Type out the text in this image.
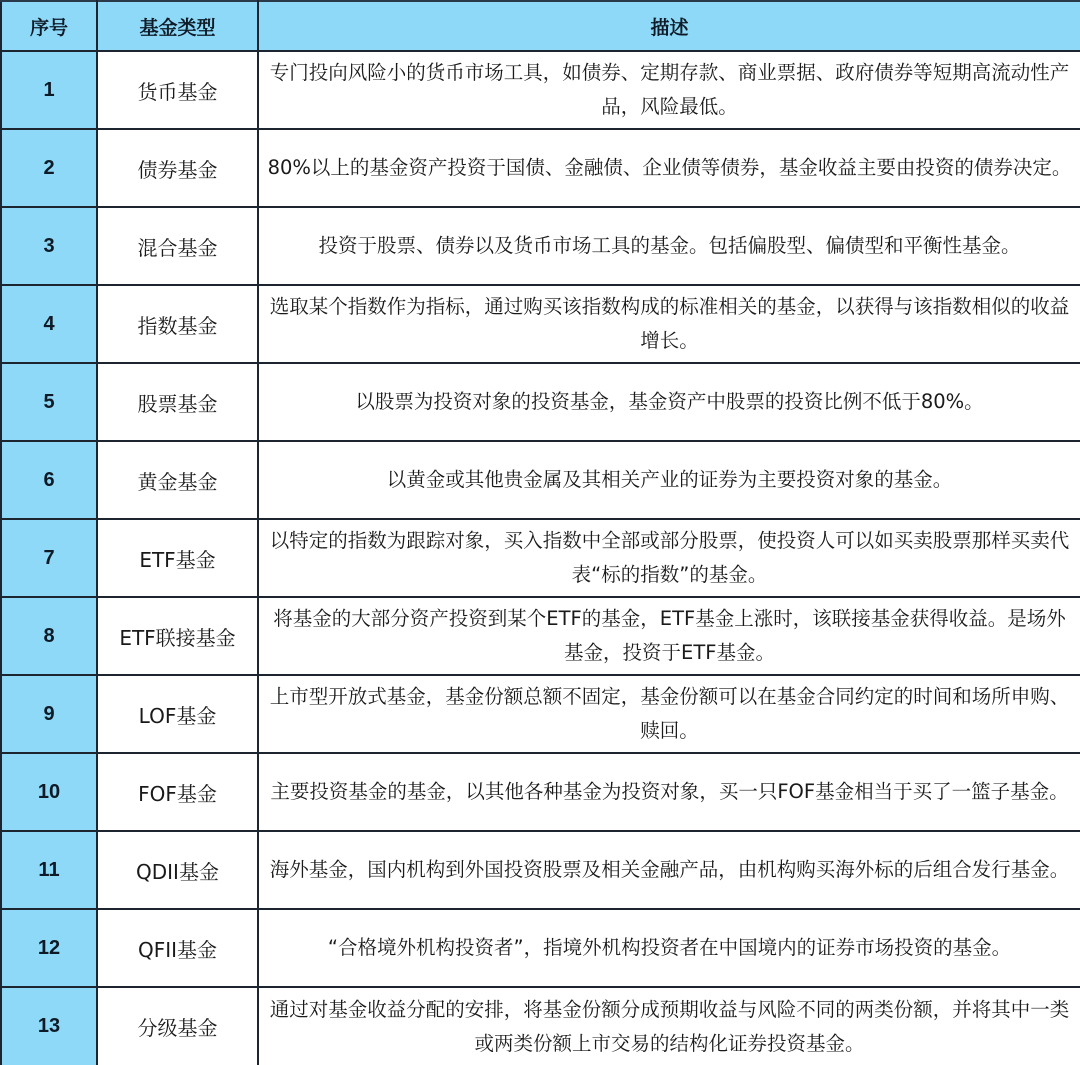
序号	基金类型	描述
1	货币基金	专门投向风险小的货币市场工具，如债券、定期存款、商业票据、政府债券等短期高流动性产品，风险最低。
2	债券基金	80%以上的基金资产投资于国债、金融债、企业债等债券，基金收益主要由投资的债券决定。
3	混合基金	投资于股票、债券以及货币市场工具的基金。包括偏股型、偏债型和平衡性基金。
4	指数基金	选取某个指数作为指标，通过购买该指数构成的标准相关的基金，以获得与该指数相似的收益增长。
5	股票基金	以股票为投资对象的投资基金，基金资产中股票的投资比例不低于80%。
6	黄金基金	以黄金或其他贵金属及其相关产业的证券为主要投资对象的基金。
7	ETF基金	以特定的指数为跟踪对象，买入指数中全部或部分股票，使投资人可以如买卖股票那样买卖代表“标的指数”的基金。
8	ETF联接基金	将基金的大部分资产投资到某个ETF的基金，ETF基金上涨时，该联接基金获得收益。是场外基金，投资于ETF基金。
9	LOF基金	上市型开放式基金，基金份额总额不固定，基金份额可以在基金合同约定的时间和场所申购、赎回。
10	FOF基金	主要投资基金的基金，以其他各种基金为投资对象，买一只FOF基金相当于买了一篮子基金。
11	QDII基金	海外基金，国内机构到外国投资股票及相关金融产品，由机构购买海外标的后组合发行基金。
12	QFII基金	“合格境外机构投资者”，指境外机构投资者在中国境内的证券市场投资的基金。
13	分级基金	通过对基金收益分配的安排，将基金份额分成预期收益与风险不同的两类份额，并将其中一类或两类份额上市交易的结构化证券投资基金。
